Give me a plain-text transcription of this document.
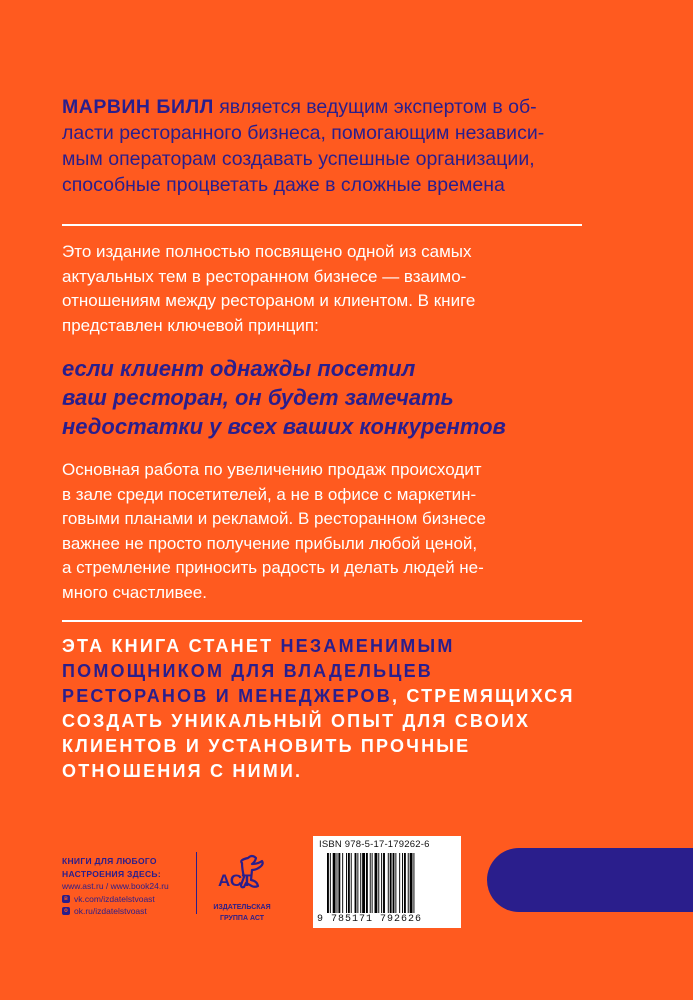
МАРВИН БИЛЛ является ведущим экспертом в об-
ласти ресторанного бизнеса, помогающим независи-
мым операторам создавать успешные организации,
способные процветать даже в сложные времена
Это издание полностью посвящено одной из самых
актуальных тем в ресторанном бизнесе — взаимо-
отношениям между рестораном и клиентом. В книге
представлен ключевой принцип:
если клиент однажды посетил
ваш ресторан, он будет замечать
недостатки у всех ваших конкурентов
Основная работа по увеличению продаж происходит
в зале среди посетителей, а не в офисе с маркетин-
говыми планами и рекламой. В ресторанном бизнесе
важнее не просто получение прибыли любой ценой,
а стремление приносить радость и делать людей не-
много счастливее.
ЭТА КНИГА СТАНЕТ НЕЗАМЕНИМЫМ
ПОМОЩНИКОМ ДЛЯ ВЛАДЕЛЬЦЕВ
РЕСТОРАНОВ И МЕНЕДЖЕРОВ, СТРЕМЯЩИХСЯ
СОЗДАТЬ УНИКАЛЬНЫЙ ОПЫТ ДЛЯ СВОИХ
КЛИЕНТОВ И УСТАНОВИТЬ ПРОЧНЫЕ
ОТНОШЕНИЯ С НИМИ.
КНИГИ ДЛЯ ЛЮБОГО
НАСТРОЕНИЯ ЗДЕСЬ:
www.ast.ru / www.book24.ru
в vk.com/izdatelstvoast
о ok.ru/izdatelstvoast
АСТ
ИЗДАТЕЛЬСКАЯ
ГРУППА АСТ
ISBN 978-5-17-179262-6
9 785171 792626
